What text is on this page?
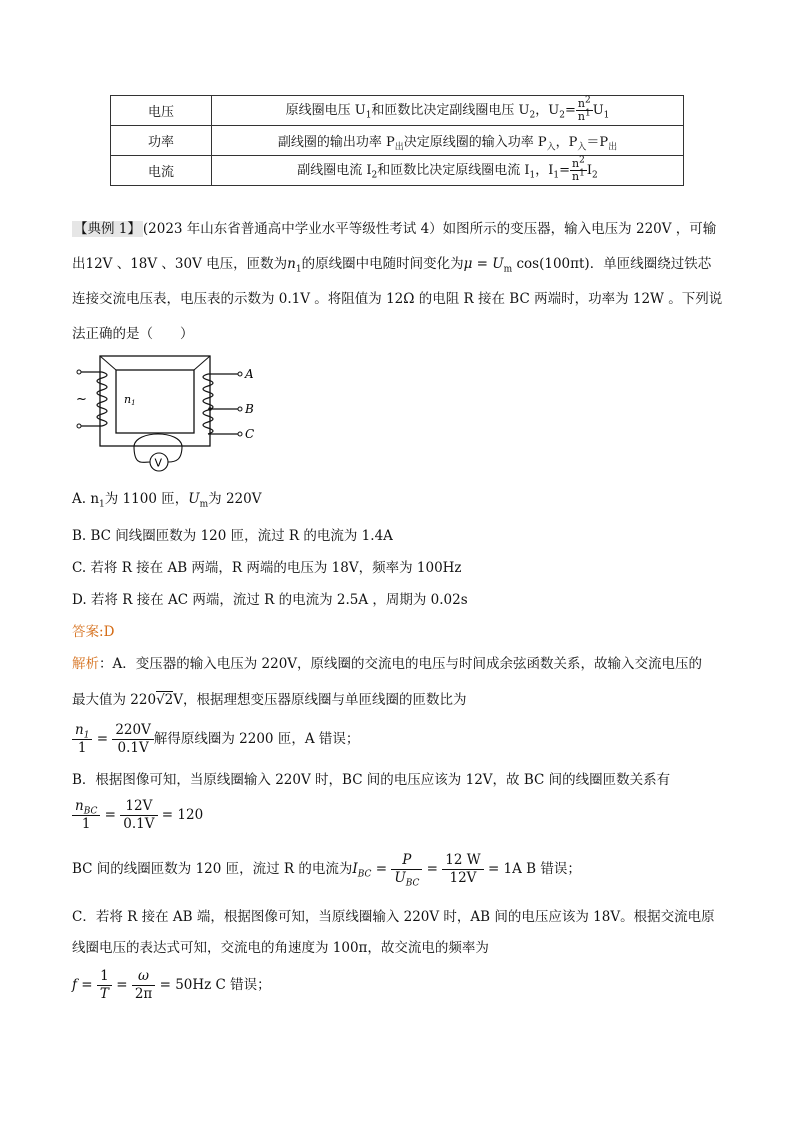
电压	原线圈电压 $U_1$和匝数比决定副线圈电压 $U_2$，$U_2= \frac{n^2}{n^1} U_1$
功率	副线圈的输出功率 $P_出$决定原线圈的输入功率 $P_入$，$P_入=P_出$
电流	副线圈电流 $I_2$和匝数比决定原线圈电流 $I_1$，$I_1= \frac{n^2}{n^1} I_2$
【典例 1】 (2023 年山东省普通高中学业水平等级性考试 4）如图所示的变压器，输入电压为 220V ，可输
出12V 、18V 、30V 电压，匝数为$n_1$的原线圈中电随时间变化为$\mu = U_m$ cos(100πt)．单匝线圈绕过铁芯
连接交流电压表，电压表的示数为 0.1V 。将阻值为 12Ω 的电阻 R 接在 BC 两端时，功率为 12W 。下列说
法正确的是（　　）
~	n1
A
B
C
V
A. $n_1$为 1100 匝，$U_m$为 220V
B. BC 间线圈匝数为 120 匝，流过 R 的电流为 1.4A
C. 若将 R 接在 AB 两端，R 两端的电压为 18V，频率为 100Hz
D. 若将 R 接在 AC 两端，流过 R 的电流为 2.5A ，周期为 0.02s
答案:D
解析：A．变压器的输入电压为 220V，原线圈的交流电的电压与时间成余弦函数关系，故输入交流电压的
最大值为 220√2V，根据理想变压器原线圈与单匝线圈的匝数比为
$\frac{n_1}{1} = \frac{220V}{0.1V}$ 解得原线圈为 2200 匝，A 错误；
B．根据图像可知，当原线圈输入 220V 时，BC 间的电压应该为 12V，故 BC 间的线圈匝数关系有
$n_{BC}$
1
= $\frac{12V}{0.1V} = 120$
BC 间的线圈匝数为 120 匝，流过 R 的电流为$I_{BC}$ =
P
$U_{BC}$
= $\frac{12 W}{12V} = 1A$ B 错误；
C．若将 R 接在 AB 端，根据图像可知，当原线圈输入 220V 时，AB 间的电压应该为 18V。根据交流电原
线圈电压的表达式可知，交流电的角速度为 100π，故交流电的频率为
$f = \frac{1}{T} = \frac{\omega}{2\pi} = 50Hz$ C 错误；
